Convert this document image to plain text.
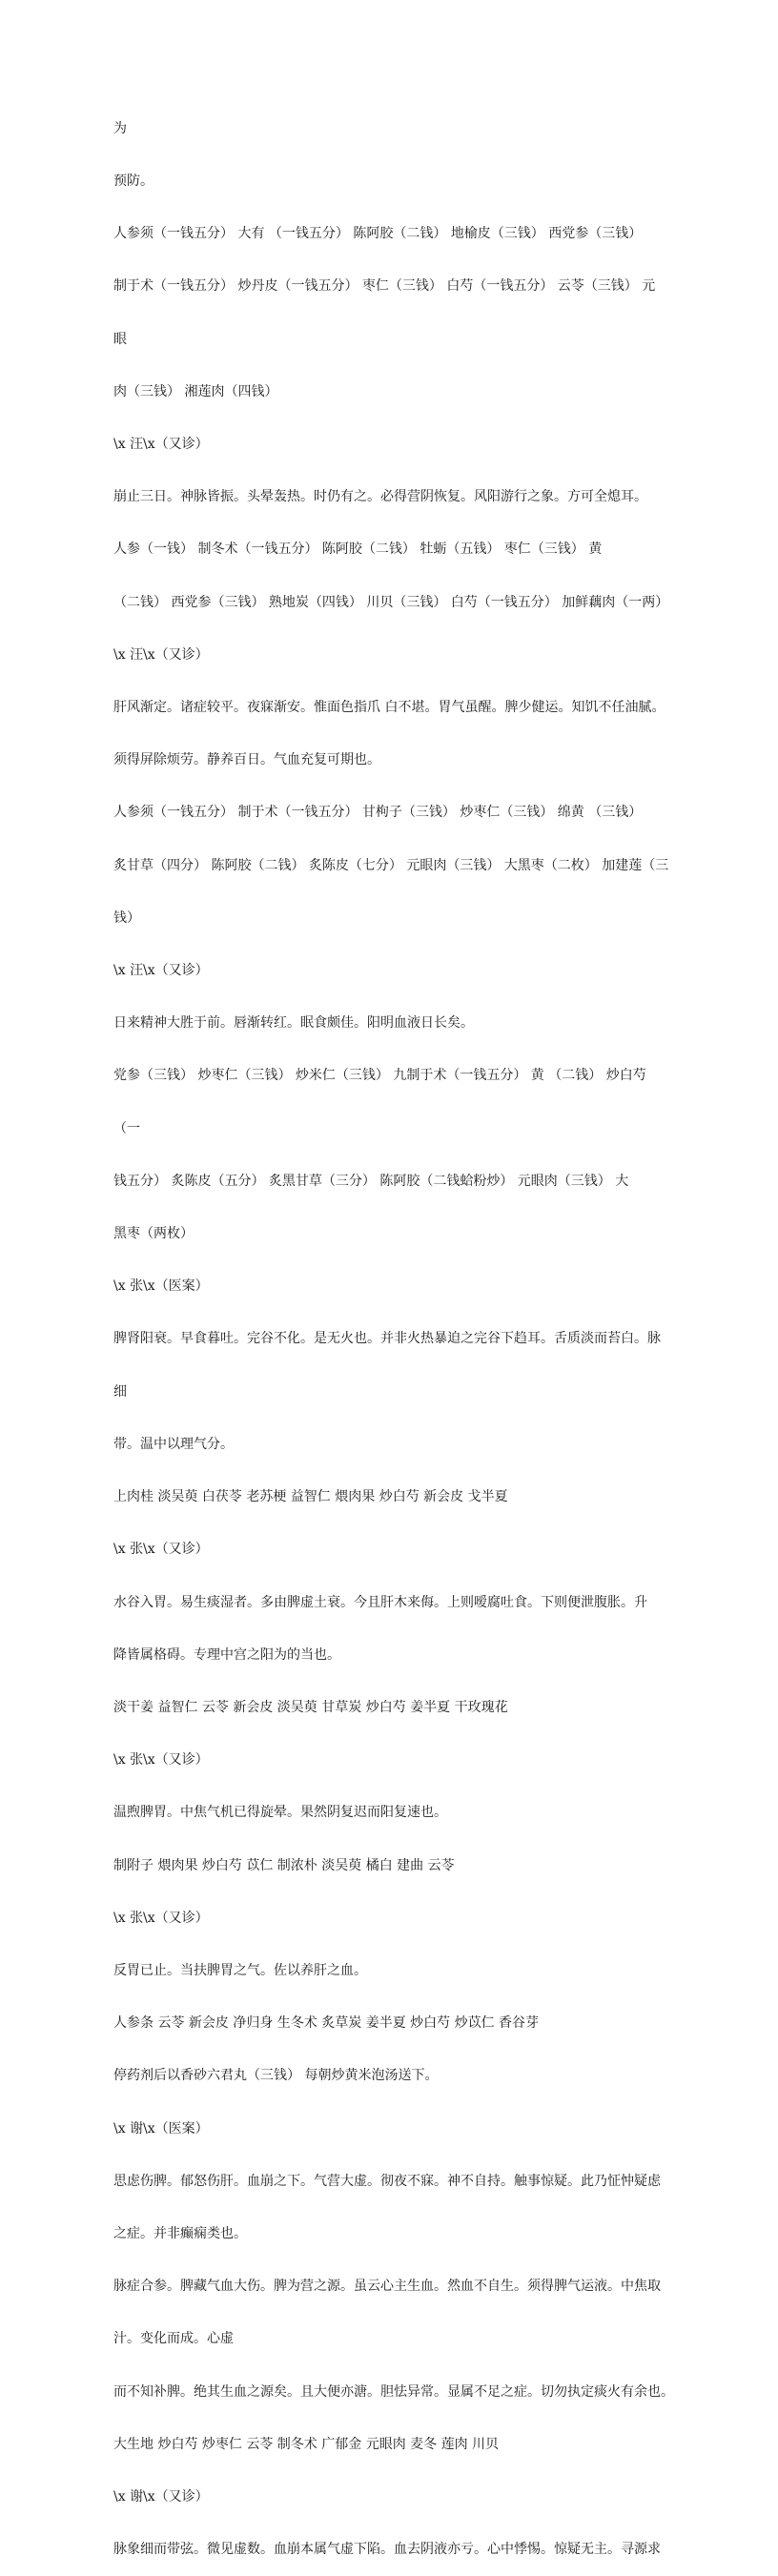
为

预防。

人参须（一钱五分） 大有 （一钱五分） 陈阿胶（二钱） 地榆皮（三钱） 西党参（三钱）

制于术（一钱五分） 炒丹皮（一钱五分） 枣仁（三钱） 白芍（一钱五分） 云苓（三钱） 元

眼

肉（三钱） 湘莲肉（四钱）

\x 汪\x（又诊）

崩止三日。神脉皆振。头晕轰热。时仍有之。必得营阴恢复。风阳游行之象。方可全熄耳。

人参（一钱） 制冬术（一钱五分） 陈阿胶（二钱） 牡蛎（五钱） 枣仁（三钱） 黄

（二钱） 西党参（三钱） 熟地炭（四钱） 川贝（三钱） 白芍（一钱五分） 加鲜藕肉（一两）

\x 汪\x（又诊）

肝风渐定。诸症较平。夜寐渐安。惟面色指爪 白不堪。胃气虽醒。脾少健运。知饥不任油腻。

须得屏除烦劳。静养百日。气血充复可期也。

人参须（一钱五分） 制于术（一钱五分） 甘枸子（三钱） 炒枣仁（三钱） 绵黄 （三钱）

炙甘草（四分） 陈阿胶（二钱） 炙陈皮（七分） 元眼肉（三钱） 大黑枣（二枚） 加建莲（三

钱）

\x 汪\x（又诊）

日来精神大胜于前。唇渐转红。眠食颇佳。阳明血液日长矣。

党参（三钱） 炒枣仁（三钱） 炒米仁（三钱） 九制于术（一钱五分） 黄 （二钱） 炒白芍

（一

钱五分） 炙陈皮（五分） 炙黑甘草（三分） 陈阿胶（二钱蛤粉炒） 元眼肉（三钱） 大

黑枣（两枚）

\x 张\x（医案）

脾肾阳衰。早食暮吐。完谷不化。是无火也。并非火热暴迫之完谷下趋耳。舌质淡而苔白。脉

细

带。温中以理气分。

上肉桂 淡吴萸 白茯苓 老苏梗 益智仁 煨肉果 炒白芍 新会皮 戈半夏

\x 张\x（又诊）

水谷入胃。易生痰湿者。多由脾虚土衰。今且肝木来侮。上则嗳腐吐食。下则便泄腹胀。升

降皆属格碍。专理中宫之阳为的当也。

淡干姜 益智仁 云苓 新会皮 淡吴萸 甘草炭 炒白芍 姜半夏 干玫瑰花

\x 张\x（又诊）

温煦脾胃。中焦气机已得旋晕。果然阴复迟而阳复速也。

制附子 煨肉果 炒白芍 苡仁 制浓朴 淡吴萸 橘白 建曲 云苓

\x 张\x（又诊）

反胃已止。当扶脾胃之气。佐以养肝之血。

人参条 云苓 新会皮 净归身 生冬术 炙草炭 姜半夏 炒白芍 炒苡仁 香谷芽

停药剂后以香砂六君丸（三钱） 每朝炒黄米泡汤送下。

\x 谢\x（医案）

思虑伤脾。郁怒伤肝。血崩之下。气营大虚。彻夜不寐。神不自持。触事惊疑。此乃怔忡疑虑

之症。并非癫痫类也。

脉症合参。脾藏气血大伤。脾为营之源。虽云心主生血。然血不自生。须得脾气运液。中焦取

汁。变化而成。心虚

而不知补脾。绝其生血之源矣。且大便亦溏。胆怯异常。显属不足之症。切勿执定痰火有余也。

大生地 炒白芍 炒枣仁 云苓 制冬术 广郁金 元眼肉 麦冬 莲肉 川贝

\x 谢\x（又诊）

脉象细而带弦。微见虚数。血崩本属气虚下陷。血去阴液亦亏。心中悸惕。惊疑无主。寻源求
